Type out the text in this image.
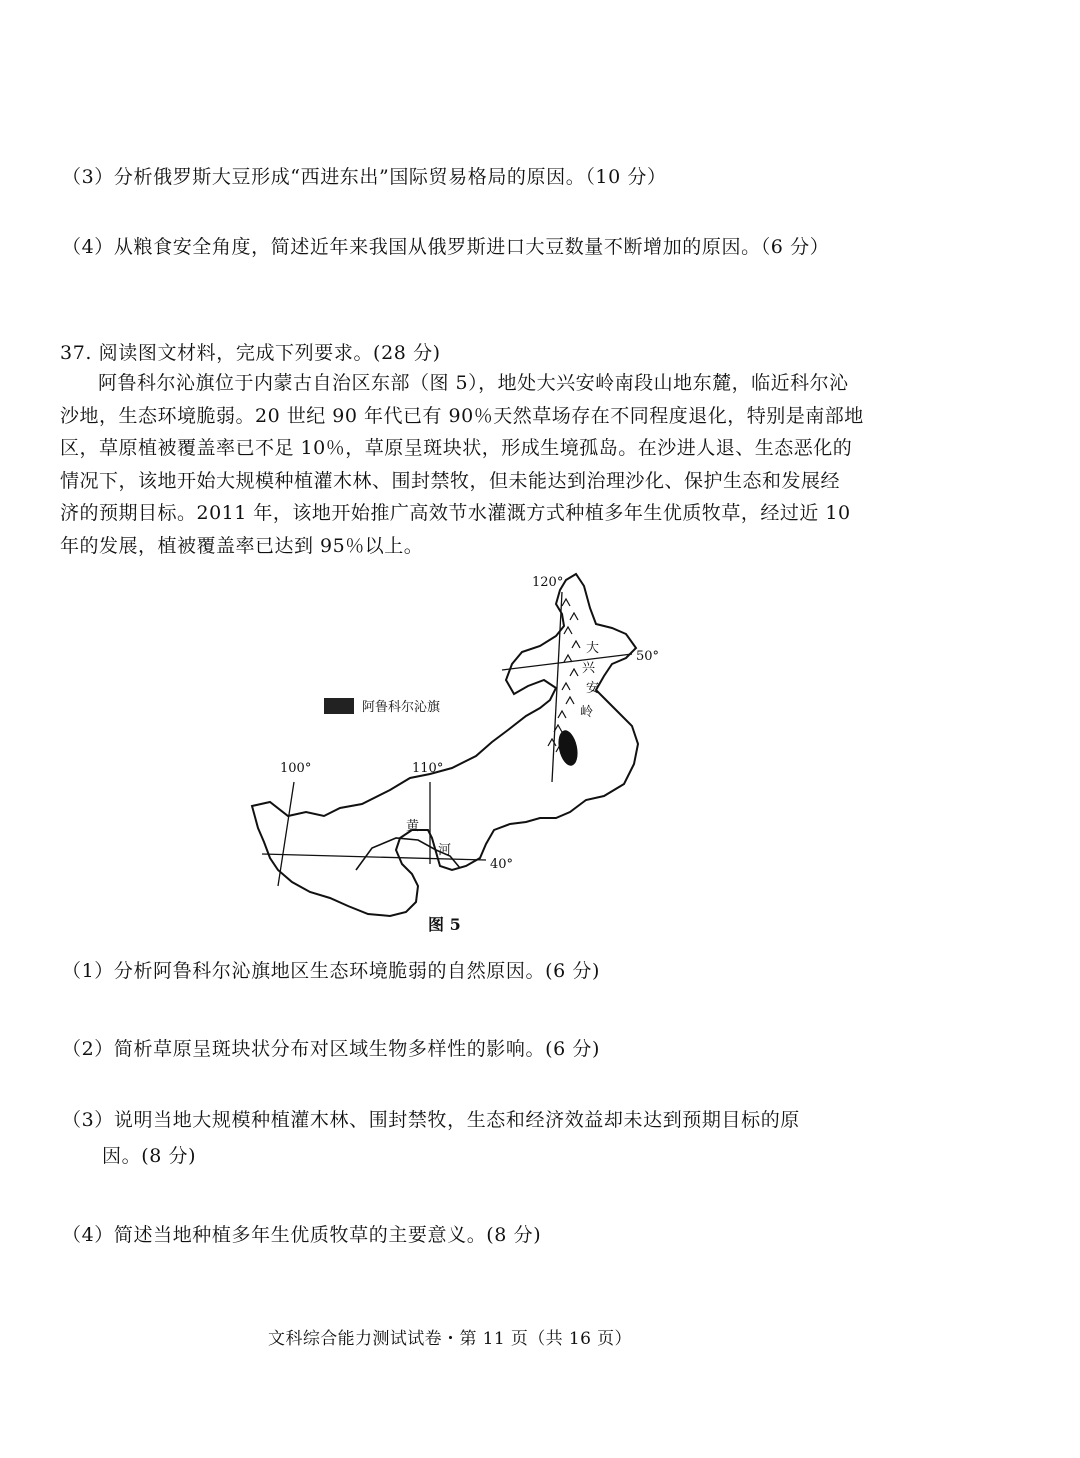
（3）分析俄罗斯大豆形成“西进东出”国际贸易格局的原因。（10 分）
（4）从粮食安全角度，简述近年来我国从俄罗斯进口大豆数量不断增加的原因。（6 分）
37. 阅读图文材料，完成下列要求。(28 分)
阿鲁科尔沁旗位于内蒙古自治区东部（图 5），地处大兴安岭南段山地东麓，临近科尔沁
沙地，生态环境脆弱。20 世纪 90 年代已有 90％天然草场存在不同程度退化，特别是南部地
区，草原植被覆盖率已不足 10％，草原呈斑块状，形成生境孤岛。在沙进人退、生态恶化的
情况下，该地开始大规模种植灌木林、围封禁牧，但未能达到治理沙化、保护生态和发展经
济的预期目标。2011 年，该地开始推广高效节水灌溉方式种植多年生优质牧草，经过近 10
年的发展，植被覆盖率已达到 95％以上。
大
兴
安
岭
阿鲁科尔沁旗
120°
100°	110°
50°
40°
黄
河
图 5
（1）分析阿鲁科尔沁旗地区生态环境脆弱的自然原因。(6 分)
（2）简析草原呈斑块状分布对区域生物多样性的影响。(6 分)
（3）说明当地大规模种植灌木林、围封禁牧，生态和经济效益却未达到预期目标的原
因。(8 分)
（4）简述当地种植多年生优质牧草的主要意义。(8 分)
文科综合能力测试试卷・第 11 页（共 16 页）
